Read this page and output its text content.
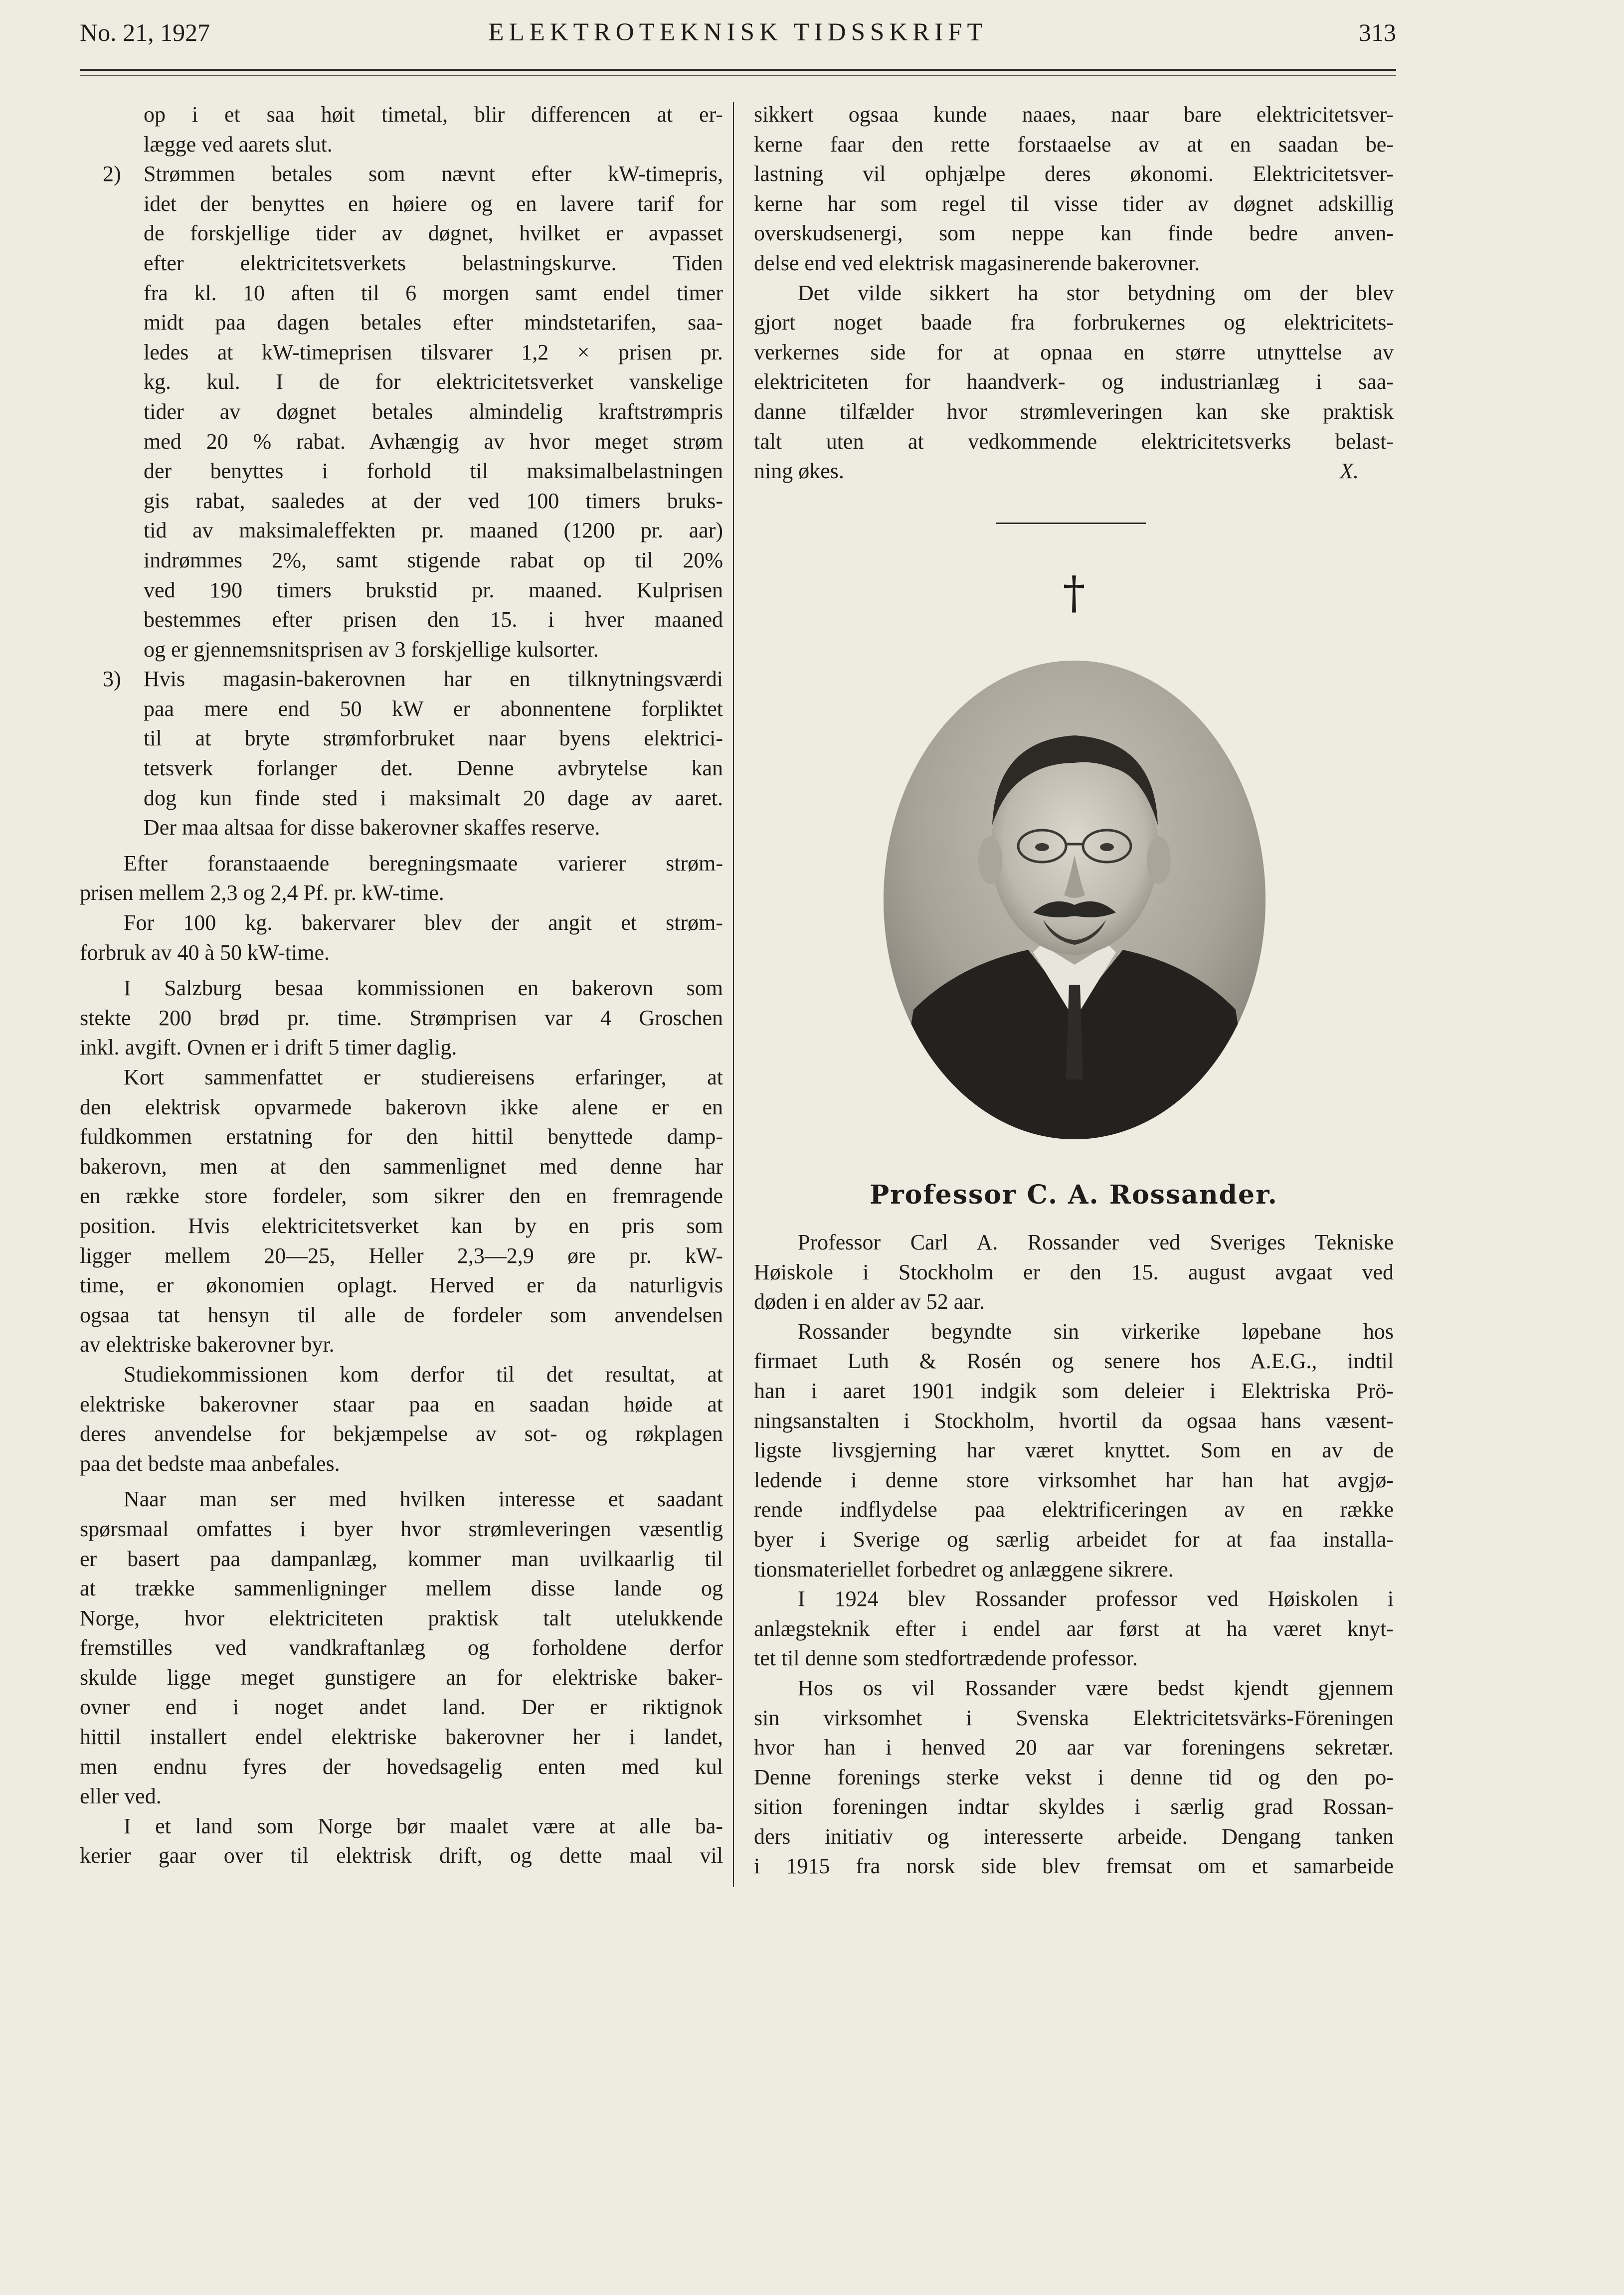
No. 21, 1927	ELEKTROTEKNISK TIDSSKRIFT	313

op i et saa høit timetal, blir differencen at er-

lægge ved aarets slut.

2) Strømmen betales som nævnt efter kW-timepris,

idet der benyttes en høiere og en lavere tarif for

de forskjellige tider av døgnet, hvilket er avpasset

efter elektricitetsverkets belastningskurve. Tiden

fra kl. 10 aften til 6 morgen samt endel timer

midt paa dagen betales efter mindstetarifen, saa-

ledes at kW-timeprisen tilsvarer 1,2 × prisen pr.

kg. kul. I de for elektricitetsverket vanskelige

tider av døgnet betales almindelig kraftstrømpris

med 20 % rabat. Avhængig av hvor meget strøm

der benyttes i forhold til maksimalbelastningen

gis rabat, saaledes at der ved 100 timers bruks-

tid av maksimaleffekten pr. maaned (1200 pr. aar)

indrømmes 2%, samt stigende rabat op til 20%

ved 190 timers brukstid pr. maaned. Kulprisen

bestemmes efter prisen den 15. i hver maaned

og er gjennemsnitsprisen av 3 forskjellige kulsorter.

3) Hvis magasin-bakerovnen har en tilknytningsværdi

paa mere end 50 kW er abonnentene forpliktet

til at bryte strømforbruket naar byens elektrici-

tetsverk forlanger det. Denne avbrytelse kan

dog kun finde sted i maksimalt 20 dage av aaret.

Der maa altsaa for disse bakerovner skaffes reserve.

Efter foranstaaende beregningsmaate varierer strøm-

prisen mellem 2,3 og 2,4 Pf. pr. kW-time.

For 100 kg. bakervarer blev der angit et strøm-

forbruk av 40 à 50 kW-time.

I Salzburg besaa kommissionen en bakerovn som

stekte 200 brød pr. time. Strømprisen var 4 Groschen

inkl. avgift. Ovnen er i drift 5 timer daglig.

Kort sammenfattet er studiereisens erfaringer, at

den elektrisk opvarmede bakerovn ikke alene er en

fuldkommen erstatning for den hittil benyttede damp-

bakerovn, men at den sammenlignet med denne har

en række store fordeler, som sikrer den en fremragende

position. Hvis elektricitetsverket kan by en pris som

ligger mellem 20—25, Heller 2,3—2,9 øre pr. kW-

time, er økonomien oplagt. Herved er da naturligvis

ogsaa tat hensyn til alle de fordeler som anvendelsen

av elektriske bakerovner byr.

Studiekommissionen kom derfor til det resultat, at

elektriske bakerovner staar paa en saadan høide at

deres anvendelse for bekjæmpelse av sot- og røkplagen

paa det bedste maa anbefales.

Naar man ser med hvilken interesse et saadant

spørsmaal omfattes i byer hvor strømleveringen væsentlig

er basert paa dampanlæg, kommer man uvilkaarlig til

at trække sammenligninger mellem disse lande og

Norge, hvor elektriciteten praktisk talt utelukkende

fremstilles ved vandkraftanlæg og forholdene derfor

skulde ligge meget gunstigere an for elektriske baker-

ovner end i noget andet land. Der er riktignok

hittil installert endel elektriske bakerovner her i landet,

men endnu fyres der hovedsagelig enten med kul

eller ved.

I et land som Norge bør maalet være at alle ba-

kerier gaar over til elektrisk drift, og dette maal vil

sikkert ogsaa kunde naaes, naar bare elektricitetsver-

kerne faar den rette forstaaelse av at en saadan be-

lastning vil ophjælpe deres økonomi. Elektricitetsver-

kerne har som regel til visse tider av døgnet adskillig

overskudsenergi, som neppe kan finde bedre anven-

delse end ved elektrisk magasinerende bakerovner.

Det vilde sikkert ha stor betydning om der blev

gjort noget baade fra forbrukernes og elektricitets-

verkernes side for at opnaa en større utnyttelse av

elektriciteten for haandverk- og industrianlæg i saa-

danne tilfælder hvor strømleveringen kan ske praktisk

talt uten at vedkommende elektricitetsverks belast-

ning økes.	X.

†
Professor C. A. Rossander.

Professor Carl A. Rossander ved Sveriges Tekniske

Høiskole i Stockholm er den 15. august avgaat ved

døden i en alder av 52 aar.

Rossander begyndte sin virkerike løpebane hos

firmaet Luth & Rosén og senere hos A.E.G., indtil

han i aaret 1901 indgik som deleier i Elektriska Prö-

ningsanstalten i Stockholm, hvortil da ogsaa hans væsent-

ligste livsgjerning har været knyttet. Som en av de

ledende i denne store virksomhet har han hat avgjø-

rende indflydelse paa elektrificeringen av en række

byer i Sverige og særlig arbeidet for at faa installa-

tionsmateriellet forbedret og anlæggene sikrere.

I 1924 blev Rossander professor ved Høiskolen i

anlægsteknik efter i endel aar først at ha været knyt-

tet til denne som stedfortrædende professor.

Hos os vil Rossander være bedst kjendt gjennem

sin virksomhet i Svenska Elektricitetsvärks-Föreningen

hvor han i henved 20 aar var foreningens sekretær.

Denne forenings sterke vekst i denne tid og den po-

sition foreningen indtar skyldes i særlig grad Rossan-

ders initiativ og interesserte arbeide. Dengang tanken

i 1915 fra norsk side blev fremsat om et samarbeide
